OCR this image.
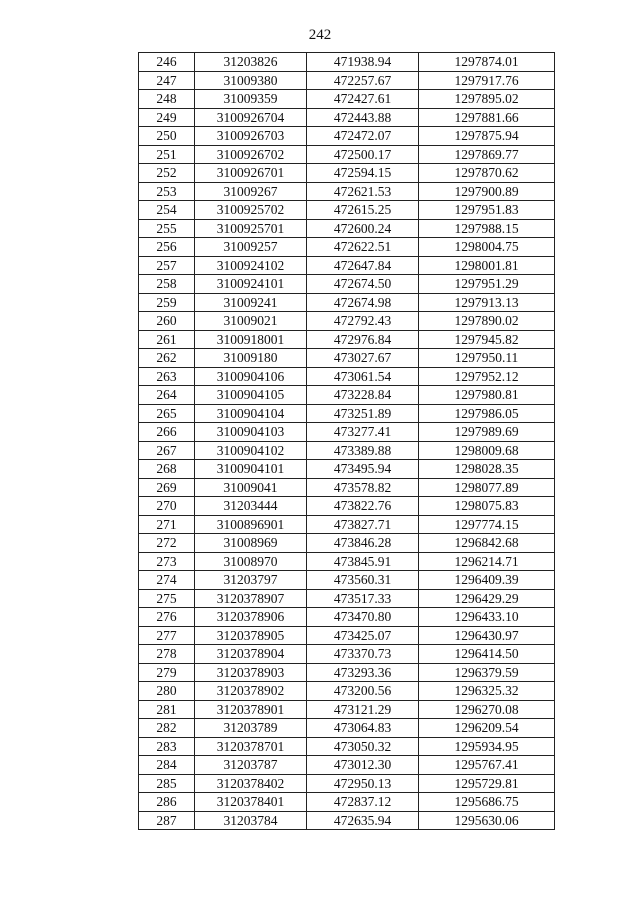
242
246	31203826	471938.94	1297874.01
247	31009380	472257.67	1297917.76
248	31009359	472427.61	1297895.02
249	3100926704	472443.88	1297881.66
250	3100926703	472472.07	1297875.94
251	3100926702	472500.17	1297869.77
252	3100926701	472594.15	1297870.62
253	31009267	472621.53	1297900.89
254	3100925702	472615.25	1297951.83
255	3100925701	472600.24	1297988.15
256	31009257	472622.51	1298004.75
257	3100924102	472647.84	1298001.81
258	3100924101	472674.50	1297951.29
259	31009241	472674.98	1297913.13
260	31009021	472792.43	1297890.02
261	3100918001	472976.84	1297945.82
262	31009180	473027.67	1297950.11
263	3100904106	473061.54	1297952.12
264	3100904105	473228.84	1297980.81
265	3100904104	473251.89	1297986.05
266	3100904103	473277.41	1297989.69
267	3100904102	473389.88	1298009.68
268	3100904101	473495.94	1298028.35
269	31009041	473578.82	1298077.89
270	31203444	473822.76	1298075.83
271	3100896901	473827.71	1297774.15
272	31008969	473846.28	1296842.68
273	31008970	473845.91	1296214.71
274	31203797	473560.31	1296409.39
275	3120378907	473517.33	1296429.29
276	3120378906	473470.80	1296433.10
277	3120378905	473425.07	1296430.97
278	3120378904	473370.73	1296414.50
279	3120378903	473293.36	1296379.59
280	3120378902	473200.56	1296325.32
281	3120378901	473121.29	1296270.08
282	31203789	473064.83	1296209.54
283	3120378701	473050.32	1295934.95
284	31203787	473012.30	1295767.41
285	3120378402	472950.13	1295729.81
286	3120378401	472837.12	1295686.75
287	31203784	472635.94	1295630.06
